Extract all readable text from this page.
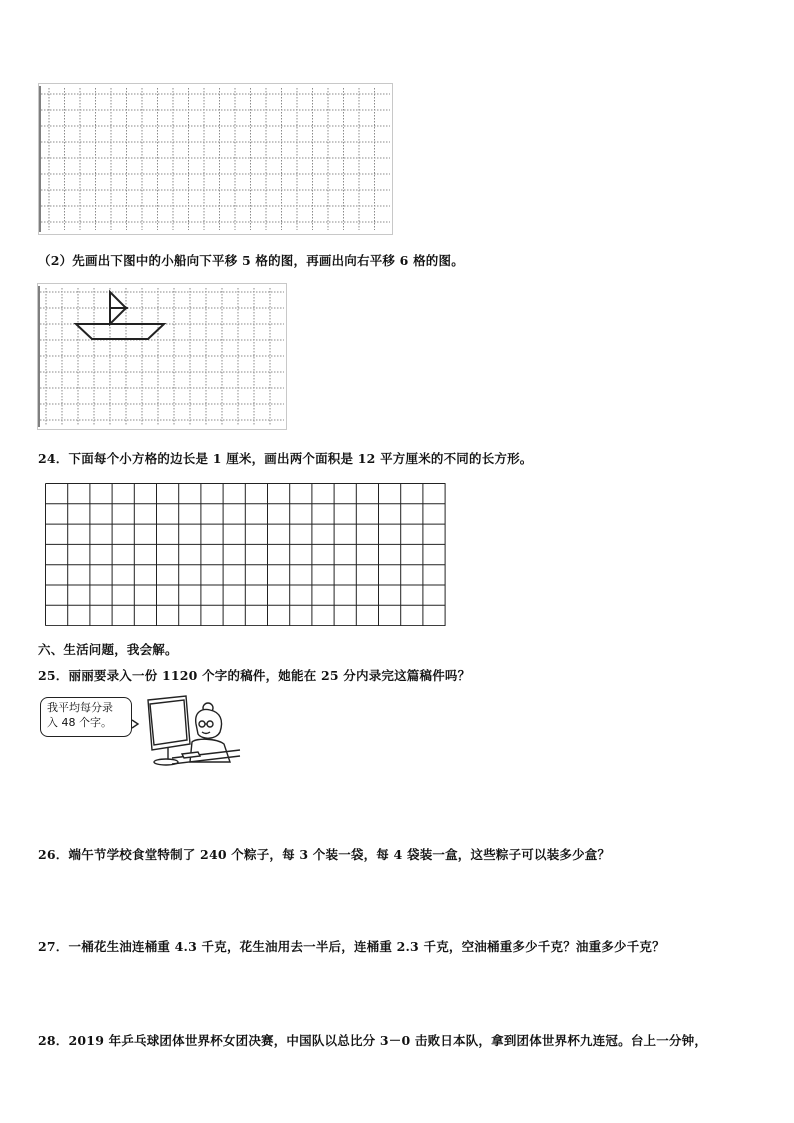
（2）先画出下图中的小船向下平移 5 格的图，再画出向右平移 6 格的图。
24．下面每个小方格的边长是 1 厘米，画出两个面积是 12 平方厘米的不同的长方形。
六、生活问题，我会解。
25．丽丽要录入一份 1120 个字的稿件，她能在 25 分内录完这篇稿件吗？
我平均每分录
入 48 个字。
26．端午节学校食堂特制了 240 个粽子，每 3 个装一袋，每 4 袋装一盒，这些粽子可以装多少盒？
27．一桶花生油连桶重 4.3 千克，花生油用去一半后，连桶重 2.3 千克，空油桶重多少千克？油重多少千克？
28．2019 年乒乓球团体世界杯女团决赛，中国队以总比分 3－0 击败日本队，拿到团体世界杯九连冠。台上一分钟，
